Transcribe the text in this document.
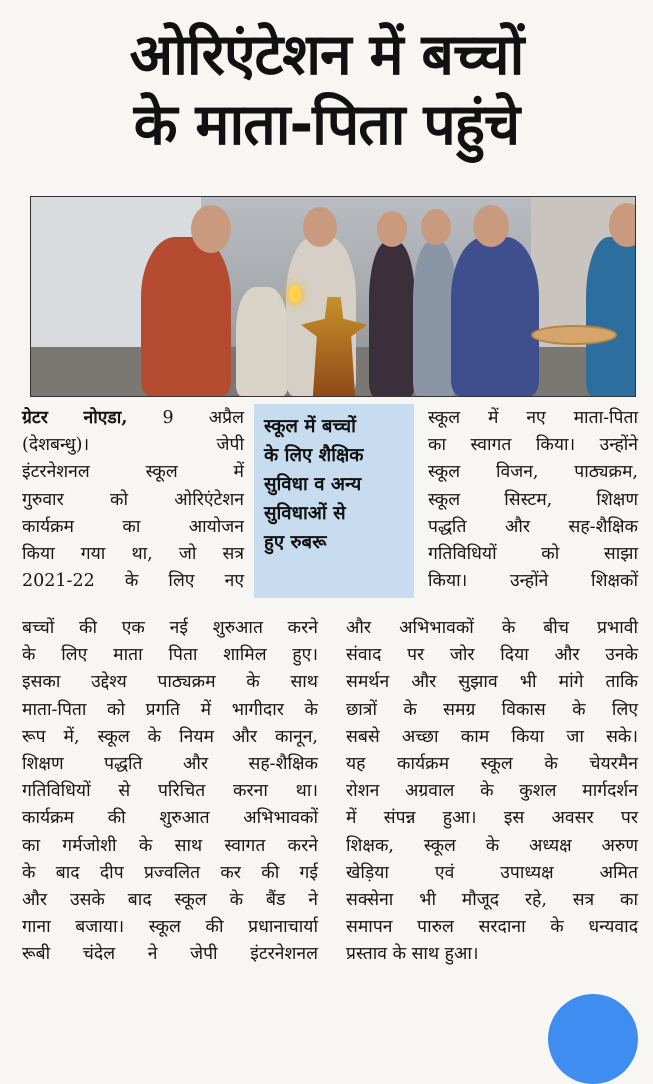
ओरिएंटेशन में बच्चों
के माता-पिता पहुंचे
ग्रेटर नोएडा, 9 अप्रैल
(देशबन्धु)। जेपी
इंटरनेशनल स्कूल में
गुरुवार को ओरिएंटेशन
कार्यक्रम का आयोजन
किया गया था, जो सत्र
2021-22 के लिए नए
स्कूल में बच्चों
के लिए शैक्षिक
सुविधा व अन्य
सुविधाओं से
हुए रुबरू
स्कूल में नए माता-पिता
का स्वागत किया। उन्होंने
स्कूल विजन, पाठ्यक्रम,
स्कूल सिस्टम, शिक्षण
पद्धति और सह-शैक्षिक
गतिविधियों को साझा
किया। उन्होंने शिक्षकों
बच्चों की एक नई शुरुआत करने
के लिए माता पिता शामिल हुए।
इसका उद्देश्य पाठ्यक्रम के साथ
माता-पिता को प्रगति में भागीदार के
रूप में, स्कूल के नियम और कानून,
शिक्षण पद्धति और सह-शैक्षिक
गतिविधियों से परिचित करना था।
कार्यक्रम की शुरुआत अभिभावकों
का गर्मजोशी के साथ स्वागत करने
के बाद दीप प्रज्वलित कर की गई
और उसके बाद स्कूल के बैंड ने
गाना बजाया। स्कूल की प्रधानाचार्या
रूबी चंदेल ने जेपी इंटरनेशनल
और अभिभावकों के बीच प्रभावी
संवाद पर जोर दिया और उनके
समर्थन और सुझाव भी मांगे ताकि
छात्रों के समग्र विकास के लिए
सबसे अच्छा काम किया जा सके।
यह कार्यक्रम स्कूल के चेयरमैन
रोशन अग्रवाल के कुशल मार्गदर्शन
में संपन्न हुआ। इस अवसर पर
शिक्षक, स्कूल के अध्यक्ष अरुण
खेड़िया एवं उपाध्यक्ष अमित
सक्सेना भी मौजूद रहे, सत्र का
समापन पारुल सरदाना के धन्यवाद
प्रस्ताव के साथ हुआ।
